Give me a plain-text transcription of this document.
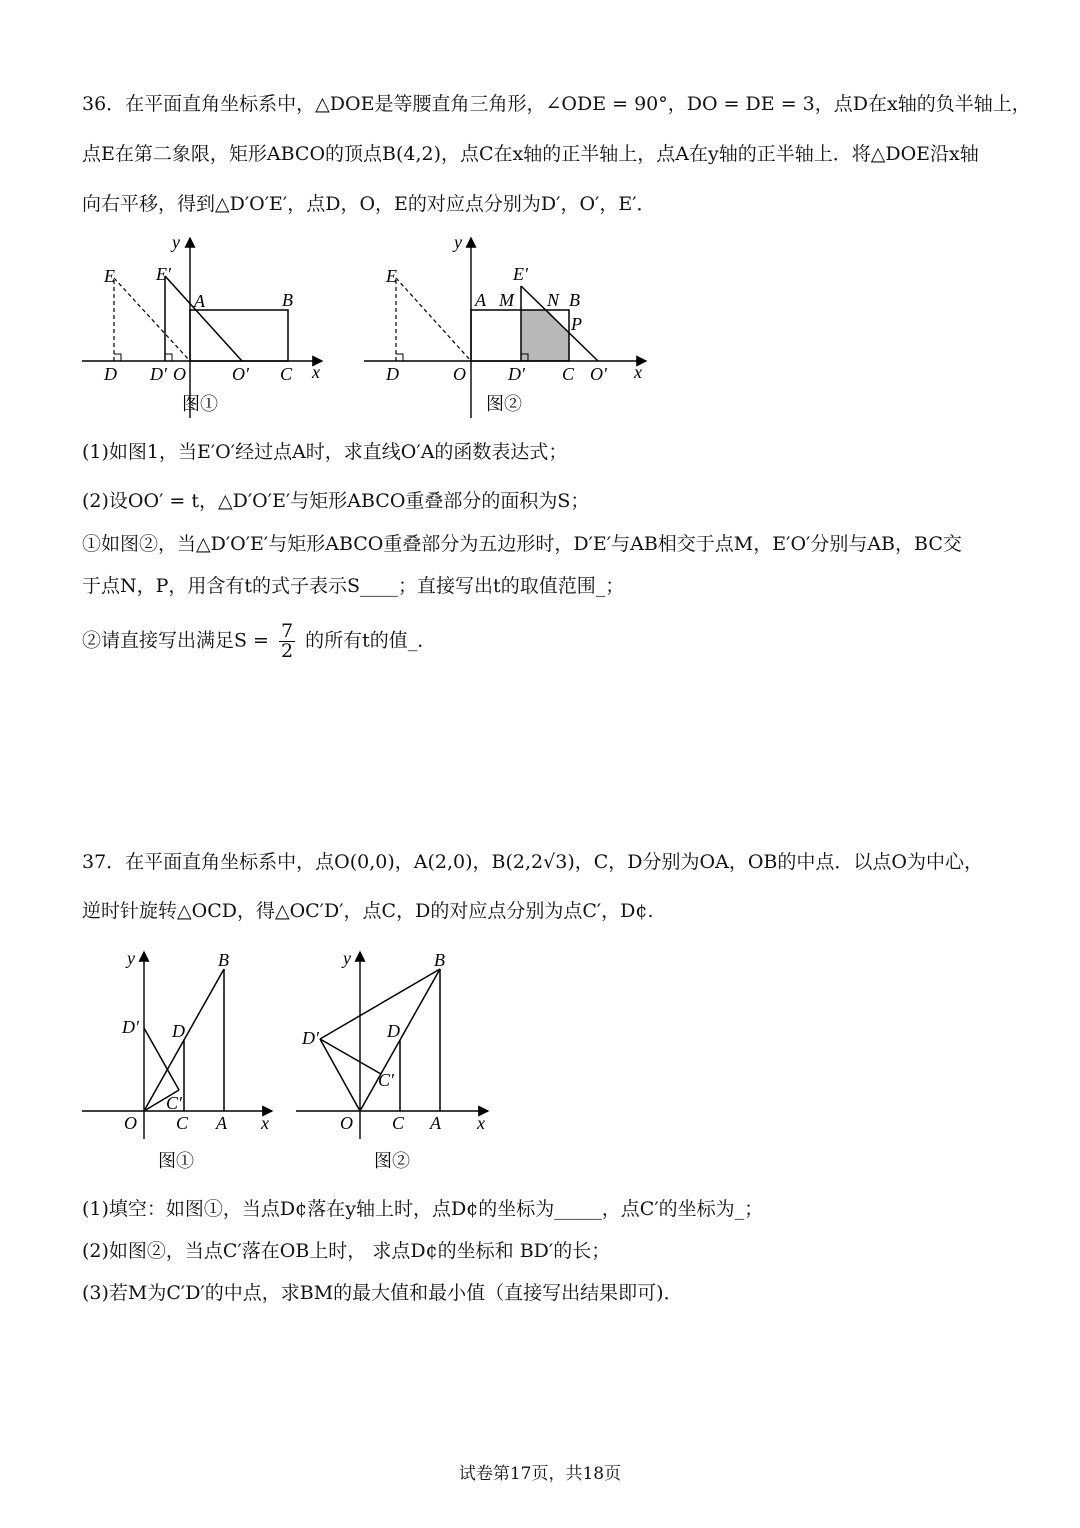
36．在平面直角坐标系中，△DOE是等腰直角三角形，∠ODE = 90°，DO = DE = 3，点D在x轴的负半轴上，
点E在第二象限，矩形ABCO的顶点B(4,2)，点C在x轴的正半轴上，点A在y轴的正半轴上．将△DOE沿x轴
向右平移，得到△D′O′E′，点D，O，E的对应点分别为D′，O′，E′．
y
x
E E′
A	B
D D′ O	O′ C
图①
y
x
E	E′
A M N B
P
D	O D′ C O′
图②
(1)如图1，当E′O′经过点A时，求直线O′A的函数表达式；
(2)设OO′ = t，△D′O′E′与矩形ABCO重叠部分的面积为S；
①如图②，当△D′O′E′与矩形ABCO重叠部分为五边形时，D′E′与AB相交于点M，E′O′分别与AB，BC交
于点N，P，用含有t的式子表示S____；直接写出t的取值范围_；
②请直接写出满足$S = \frac{7}{2}$ 的所有t的值_．
37．在平面直角坐标系中，点O(0,0)，A(2,0)，B(2,2√3)，C，D分别为OA，OB的中点．以点O为中心，
逆时针旋转△OCD，得△OC′D′，点C，D的对应点分别为点C′，D¢.
y
x
B
D′ D
C′
O C A
图①
y
x
B
D′	D
C′
O C A
图②
(1)填空：如图①，当点D¢落在y轴上时，点D¢的坐标为_____，点C′的坐标为_；
(2)如图②，当点C′落在OB上时， 求点D¢的坐标和 BD′的长；
(3)若M为C′D′的中点，求BM的最大值和最小值（直接写出结果即可)．
试卷第17页，共18页
